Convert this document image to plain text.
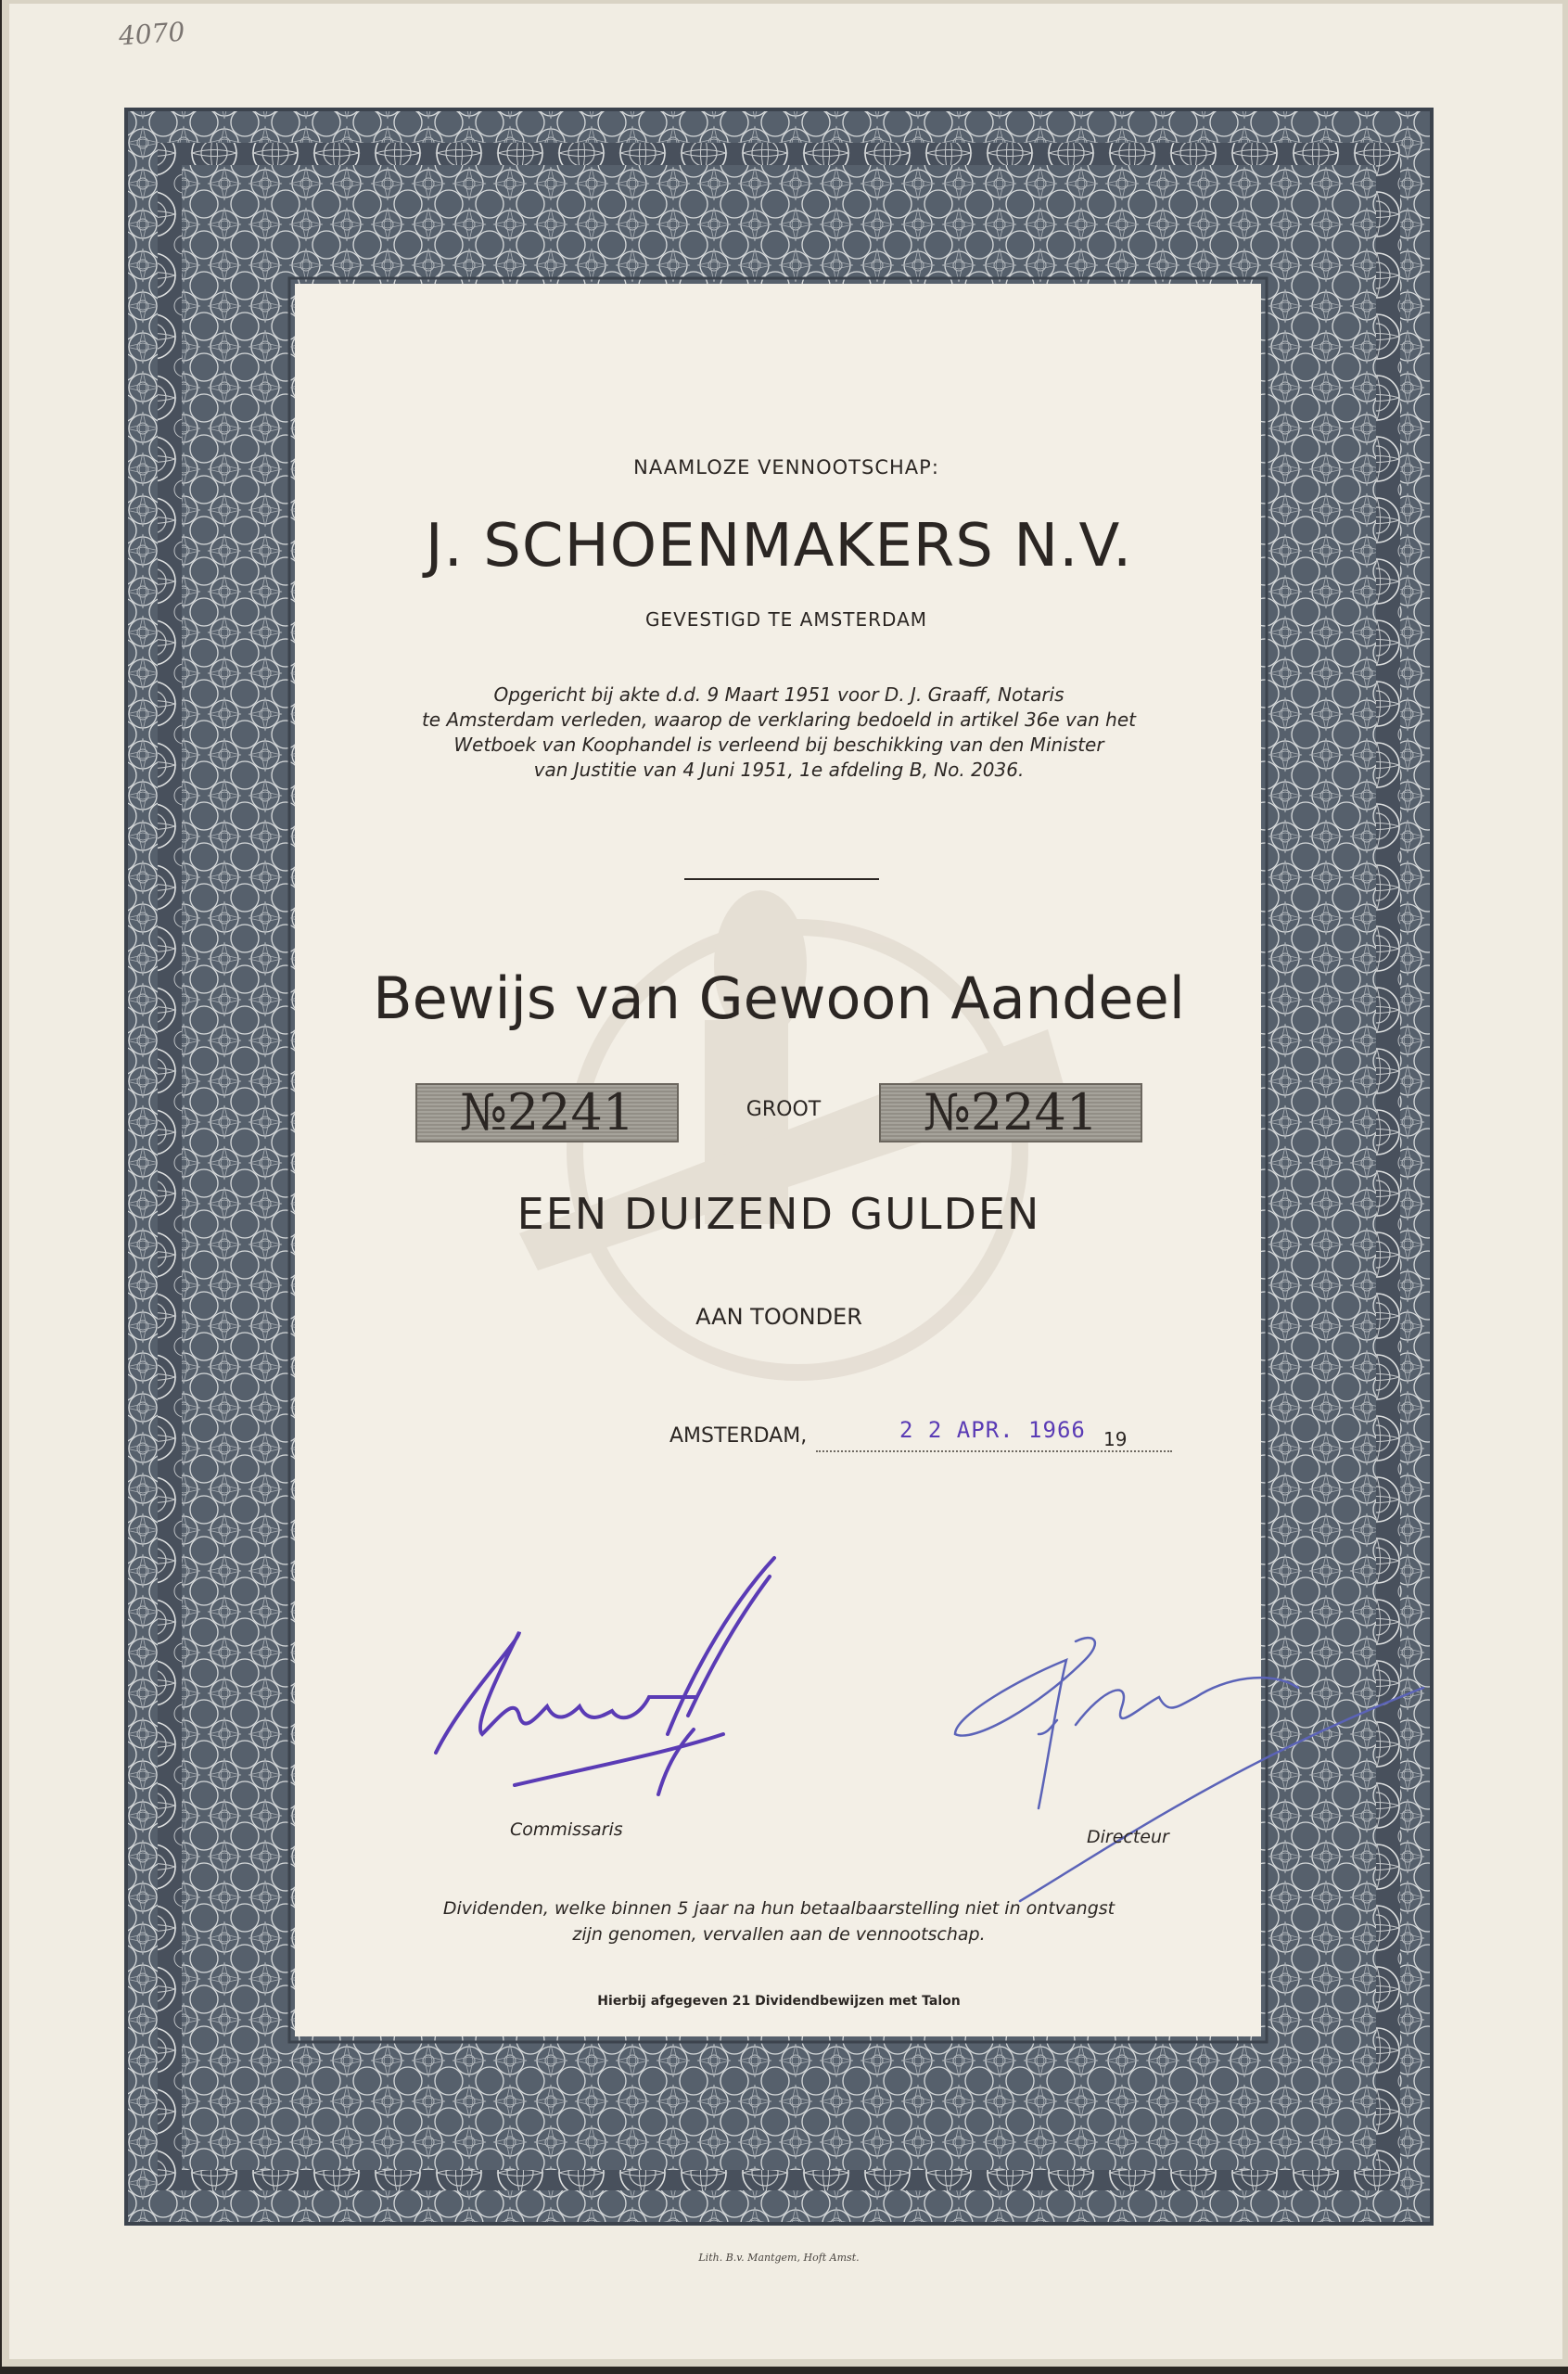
4070
NAAMLOZE VENNOOTSCHAP:
J. SCHOENMAKERS N.V.
GEVESTIGD TE AMSTERDAM
Opgericht bij akte d.d. 9 Maart 1951 voor D. J. Graaff, Notaris
te Amsterdam verleden, waarop de verklaring bedoeld in artikel 36e van het
Wetboek van Koophandel is verleend bij beschikking van den Minister
van Justitie van 4 Juni 1951, 1e afdeling B, No. 2036.
Bewijs van Gewoon Aandeel
№2241	GROOT	№2241
EEN DUIZEND GULDEN
AAN TOONDER
AMSTERDAM,	2 2 APR. 1966 19
Commissaris	Directeur
Dividenden, welke binnen 5 jaar na hun betaalbaarstelling niet in ontvangst
zijn genomen, vervallen aan de vennootschap.
Hierbij afgegeven 21 Dividendbewijzen met Talon
Lith. B.v. Mantgem, Hoft Amst.
